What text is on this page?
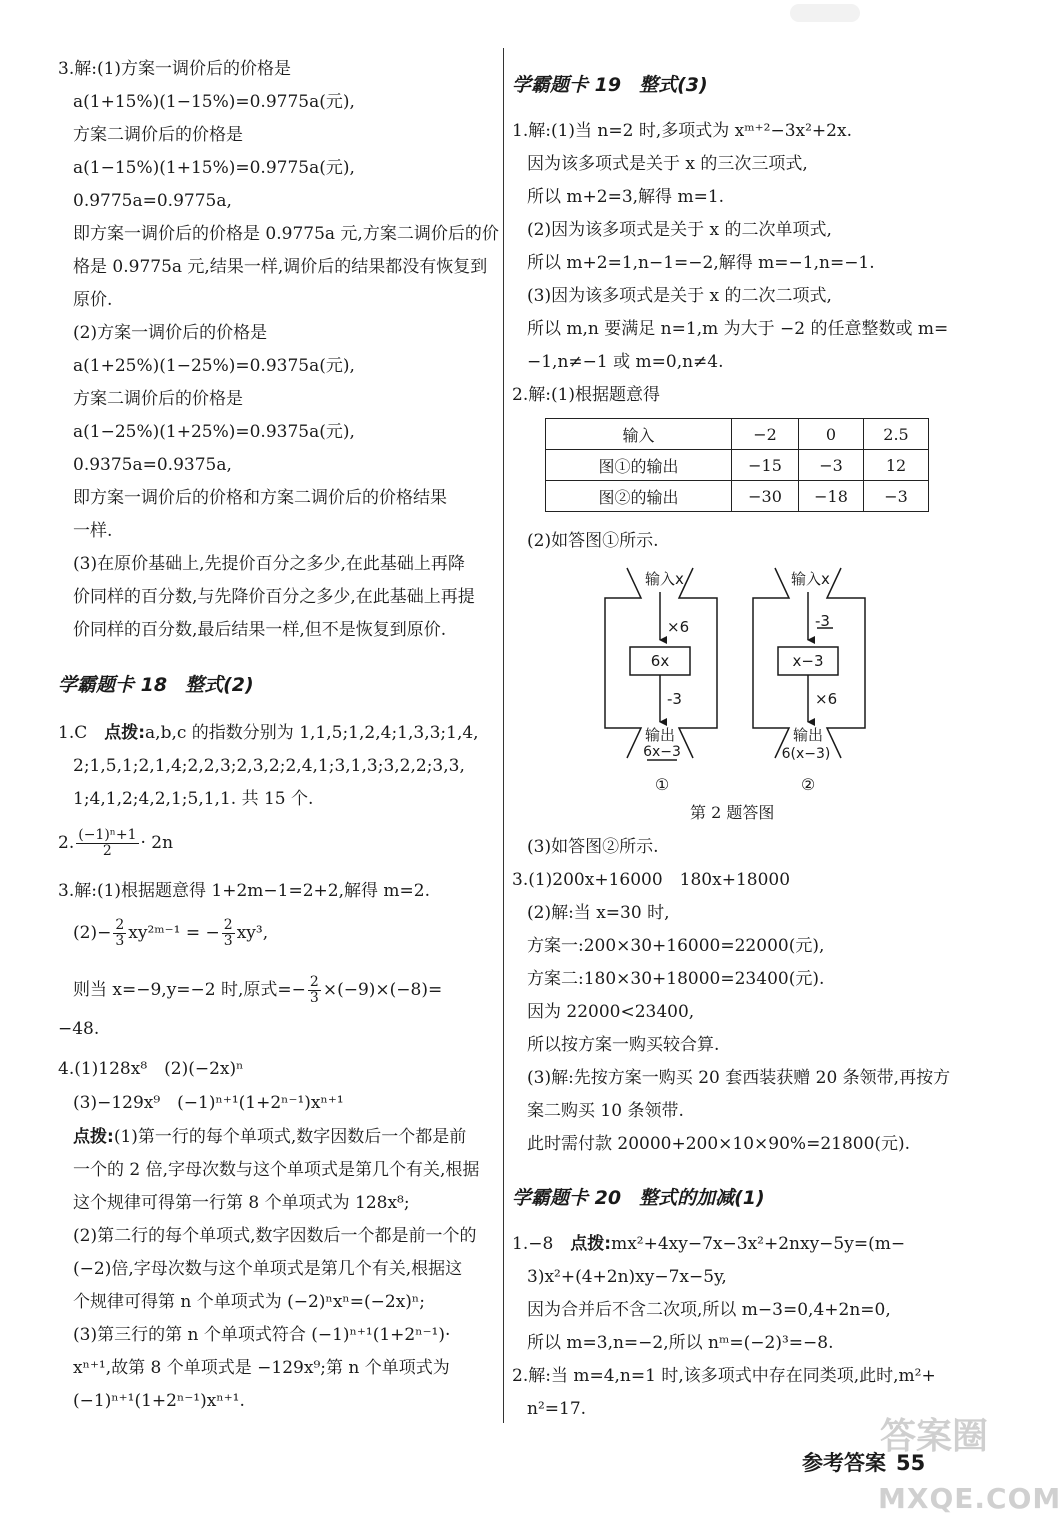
3.解:(1)方案一调价后的价格是
a(1+15%)(1−15%)=0.9775a(元),
方案二调价后的价格是
a(1−15%)(1+15%)=0.9775a(元),
0.9775a=0.9775a,
即方案一调价后的价格是 0.9775a 元,方案二调价后的价
格是 0.9775a 元,结果一样,调价后的结果都没有恢复到
原价.
(2)方案一调价后的价格是
a(1+25%)(1−25%)=0.9375a(元),
方案二调价后的价格是
a(1−25%)(1+25%)=0.9375a(元),
0.9375a=0.9375a,
即方案一调价后的价格和方案二调价后的价格结果
一样.
(3)在原价基础上,先提价百分之多少,在此基础上再降
价同样的百分数,与先降价百分之多少,在此基础上再提
价同样的百分数,最后结果一样,但不是恢复到原价.
学霸题卡 18 整式(2)
1.C　 点拨:a,b,c 的指数分别为 1,1,5;1,2,4;1,3,3;1,4,
2;1,5,1;2,1,4;2,2,3;2,3,2;2,4,1;3,1,3;3,2,2;3,3,
1;4,1,2;4,2,1;5,1,1. 共 15 个.
2. $\frac{\text{(−1)ⁿ+1}}{2} \cdot 2n$
3.解:(1)根据题意得 1+2m−1=2+2,解得 m=2.
$(2)- \frac{2}{3}$ xy²ᵐ⁻¹ = − $\frac{2}{3} xy^3$,
则当 x=−9,y=−2 时,原式=− $\frac{2}{3} \times(-9)\times(-8)=$
−48.
4.(1)128x⁸　(2)(−2x)ⁿ
(3)−129x⁹　(−1)ⁿ⁺¹(1+2ⁿ⁻¹)xⁿ⁺¹
点拨:(1)第一行的每个单项式,数字因数后一个都是前
一个的 2 倍,字母次数与这个单项式是第几个有关,根据
这个规律可得第一行第 8 个单项式为 128x⁸;
(2)第二行的每个单项式,数字因数后一个都是前一个的
(−2)倍,字母次数与这个单项式是第几个有关,根据这
个规律可得第 n 个单项式为 (−2)ⁿxⁿ=(−2x)ⁿ;
(3)第三行的第 n 个单项式符合 (−1)ⁿ⁺¹(1+2ⁿ⁻¹)·
xⁿ⁺¹,故第 8 个单项式是 −129x⁹;第 n 个单项式为
(−1)ⁿ⁺¹(1+2ⁿ⁻¹)xⁿ⁺¹.
学霸题卡 19 整式(3)
1.解:(1)当 n=2 时,多项式为 xᵐ⁺²−3x²+2x.
因为该多项式是关于 x 的三次三项式,
所以 m+2=3,解得 m=1.
(2)因为该多项式是关于 x 的二次单项式,
所以 m+2=1,n−1=−2,解得 m=−1,n=−1.
(3)因为该多项式是关于 x 的二次二项式,
所以 m,n 要满足 n=1,m 为大于 −2 的任意整数或 m=
−1,n≠−1 或 m=0,n≠4.
2.解:(1)根据题意得
输入	−2	0	2.5
图①的输出	−15	−3	12
图②的输出	−30	−18	−3
(2)如答图①所示.
输入x
×6
6x
-3
输出
6x−3
①
输入x
-3
x−3
×6
输出
6(x−3)
②
第 2 题答图
(3)如答图②所示.
3.(1)200x+16000　180x+18000
(2)解:当 x=30 时,
方案一:200×30+16000=22000(元),
方案二:180×30+18000=23400(元).
因为 22000<23400,
所以按方案一购买较合算.
(3)解:先按方案一购买 20 套西装获赠 20 条领带,再按方
案二购买 10 条领带.
此时需付款 20000+200×10×90%=21800(元).
学霸题卡 20 整式的加减(1)
1.−8　 点拨:mx²+4xy−7x−3x²+2nxy−5y=(m−
3)x²+(4+2n)xy−7x−5y,
因为合并后不含二次项,所以 m−3=0,4+2n=0,
所以 m=3,n=−2,所以 nᵐ=(−2)³=−8.
2.解:当 m=4,n=1 时,该多项式中存在同类项,此时,m²+
n²=17.
答案圈
MXQE.COM
参考答案 55
